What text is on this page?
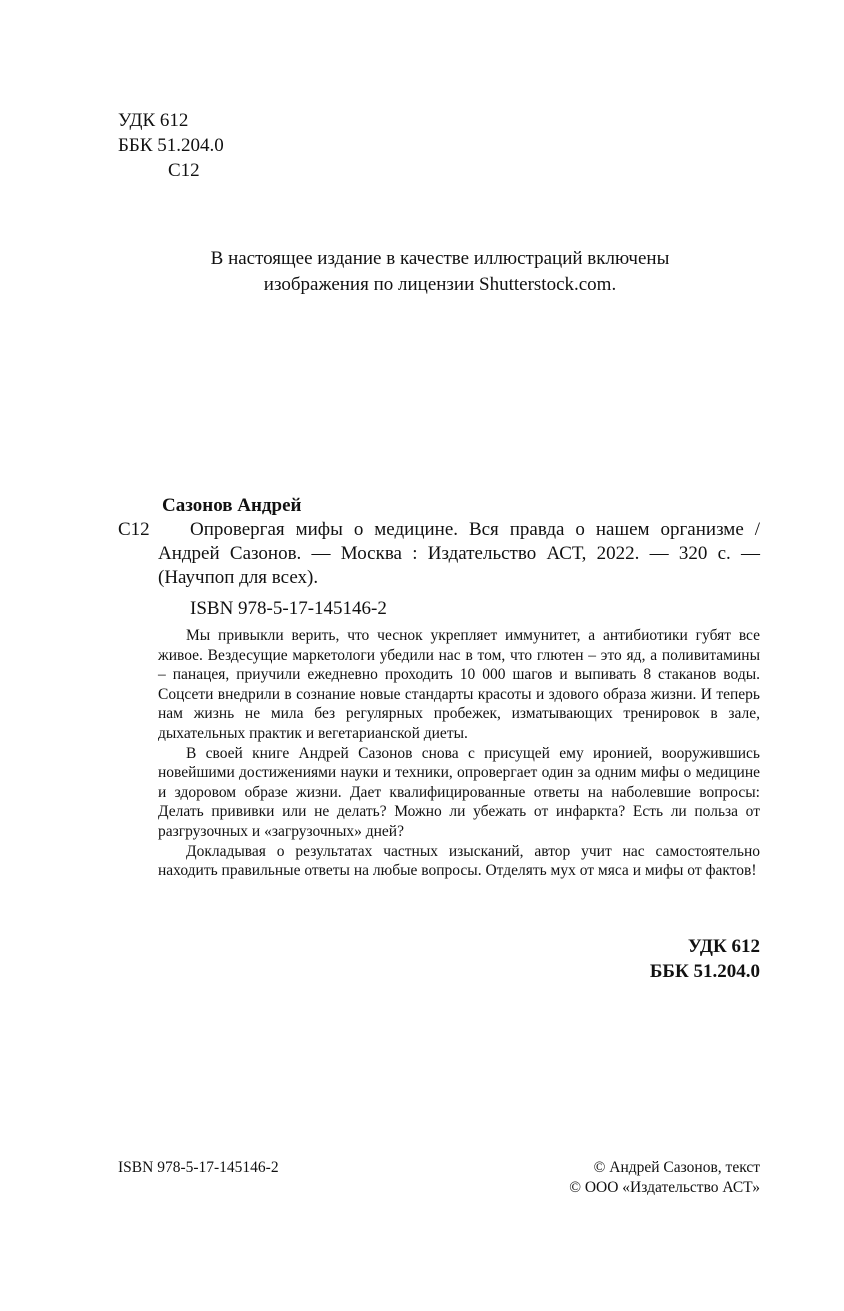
УДК 612
ББК 51.204.0
С12
В настоящее издание в качестве иллюстраций включены
изображения по лицензии Shutterstock.com.
Сазонов Андрей
С12	Опровергая мифы о медицине. Вся правда о нашем организме / Андрей Сазонов. — Москва : Издательство АСТ, 2022. — 320 с. — (Научпоп для всех).
ISBN 978-5-17-145146-2

Мы привыкли верить, что чеснок укрепляет иммунитет, а антибиотики губят все живое. Вездесущие маркетологи убедили нас в том, что глютен – это яд, а поливитамины – панацея, приучили ежедневно проходить 10 000 шагов и выпивать 8 стаканов воды. Соцсети внедрили в сознание новые стандарты красоты и здового образа жизни. И теперь нам жизнь не мила без регулярных пробежек, изматывающих тренировок в зале, дыхательных практик и вегетарианской диеты.

В своей книге Андрей Сазонов снова с присущей ему иронией, вооружившись новейшими достижениями науки и техники, опровергает один за одним мифы о медицине и здоровом образе жизни. Дает квалифицированные ответы на наболевшие вопросы: Делать прививки или не делать? Можно ли убежать от инфаркта? Есть ли польза от разгрузочных и «загрузочных» дней?

Докладывая о результатах частных изысканий, автор учит нас самостоятельно находить правильные ответы на любые вопросы. Отделять мух от мяса и мифы от фактов!

УДК 612
ББК 51.204.0
ISBN 978-5-17-145146-2	© Андрей Сазонов, текст
© ООО «Издательство АСТ»
